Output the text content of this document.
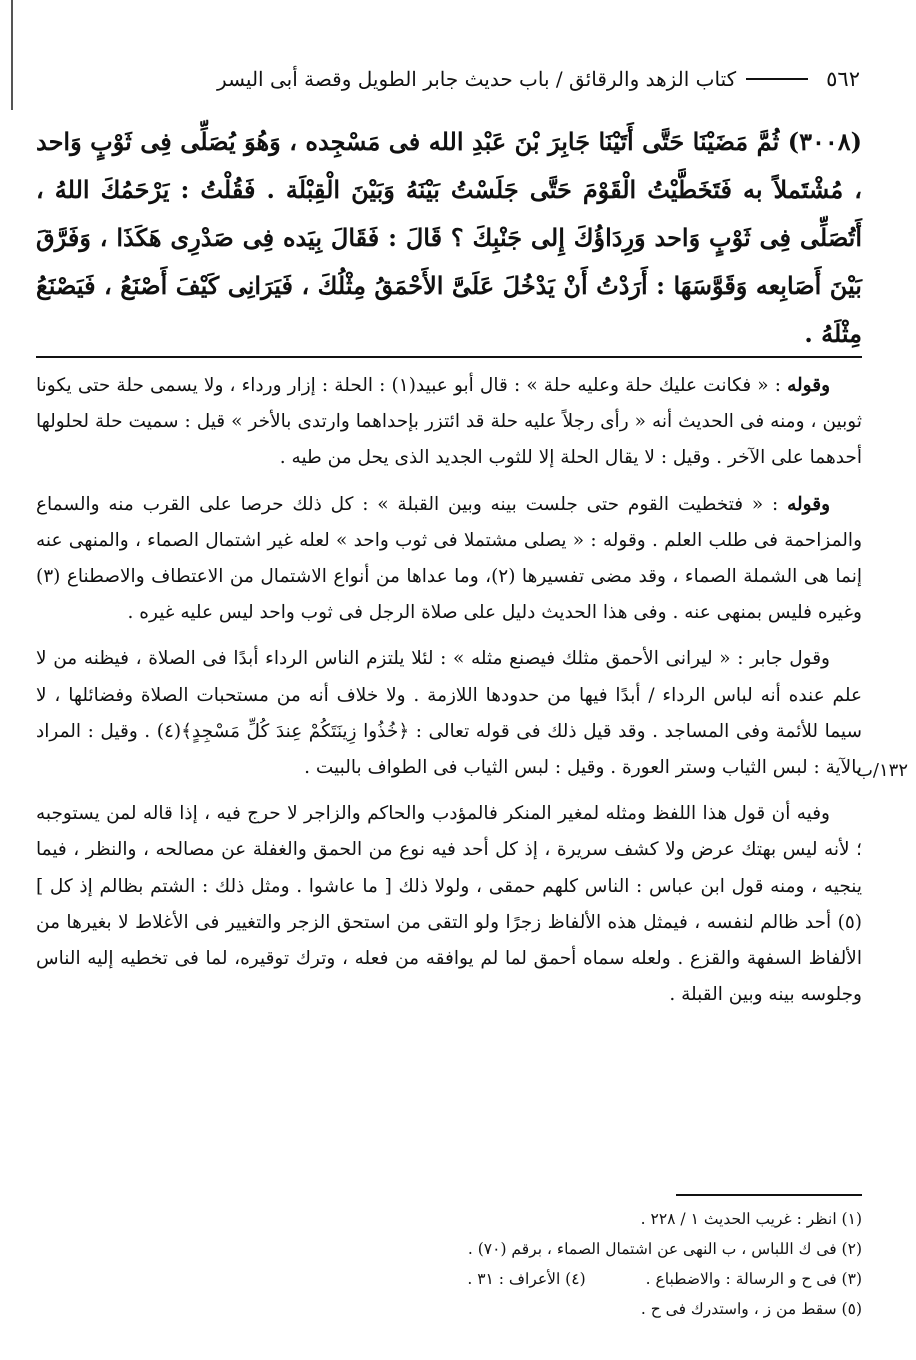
٥٦٢
كتاب الزهد والرقائق / باب حديث جابر الطويل وقصة أبى اليسر
(٣٠٠٨) ثُمَّ مَضَيْنَا حَتَّى أَتَيْنَا جَابِرَ بْنَ عَبْدِ الله فى مَسْجِده ، وَهُوَ يُصَلِّى فِى ثَوْبٍ وَاحد ، مُشْتَملاً به فَتَخَطَّيْتُ الْقَوْمَ حَتَّى جَلَسْتُ بَيْنَهُ وَبَيْنَ الْقِبْلَة . فَقُلْتُ : يَرْحَمُكَ اللهُ ، أَتُصَلِّى فِى ثَوْبٍ وَاحد وَرِدَاؤُكَ إِلى جَنْبِكَ ؟ قَالَ : فَقَالَ بِيَده فِى صَدْرِى هَكَذَا ، وَفَرَّقَ بَيْنَ أَصَابِعه وَقَوَّسَهَا : أَرَدْتُ أَنْ يَدْخُلَ عَلَىَّ الأَحْمَقُ مِثْلُكَ ، فَيَرَانِى كَيْفَ أَصْنَعُ ، فَيَصْنَعُ مِثْلَهُ .

وقوله : « فكانت عليك حلة وعليه حلة » : قال أبو عبيد(١) : الحلة : إزار ورداء ، ولا يسمى حلة حتى يكونا ثوبين ، ومنه فى الحديث أنه « رأى رجلاً عليه حلة قد ائتزر بإحداهما وارتدى بالأخر » قيل : سميت حلة لحلولها أحدهما على الآخر . وقيل : لا يقال الحلة إلا للثوب الجديد الذى يحل من طيه .

وقوله : « فتخطيت القوم حتى جلست بينه وبين القبلة » : كل ذلك حرصا على القرب منه والسماع والمزاحمة فى طلب العلم . وقوله : « يصلى مشتملا فى ثوب واحد » لعله غير اشتمال الصماء ، والمنهى عنه إنما هى الشملة الصماء ، وقد مضى تفسيرها (٢)، وما عداها من أنواع الاشتمال من الاعتطاف والاصطناع (٣) وغيره فليس بمنهى عنه . وفى هذا الحديث دليل على صلاة الرجل فى ثوب واحد ليس عليه غيره .

وقول جابر : « ليرانى الأحمق مثلك فيصنع مثله » : لئلا يلتزم الناس الرداء أبدًا فى الصلاة ، فيظنه من لا علم عنده أنه لباس الرداء / أبدًا فيها من حدودها اللازمة . ولا خلاف أنه من مستحبات الصلاة وفضائلها ، لا سيما للأئمة وفى المساجد . وقد قيل ذلك فى قوله تعالى : ﴿خُذُوا زِينَتَكُمْ عِندَ كُلِّ مَسْجِدٍ﴾(٤) . وقيل : المراد بالآية : لبس الثياب وستر العورة . وقيل : لبس الثياب فى الطواف بالبيت .

وفيه أن قول هذا اللفظ ومثله لمغير المنكر فالمؤدب والحاكم والزاجر لا حرج فيه ، إذا قاله لمن يستوجبه ؛ لأنه ليس بهتك عرض ولا كشف سريرة ، إذ كل أحد فيه نوع من الحمق والغفلة عن مصالحه ، والنظر ، فيما ينجيه ، ومنه قول ابن عباس : الناس كلهم حمقى ، ولولا ذلك [ ما عاشوا . ومثل ذلك : الشتم بظالم إذ كل ](٥) أحد ظالم لنفسه ، فيمثل هذه الألفاظ زجرًا ولو التقى من استحق الزجر والتغيير فى الأغلاط لا بغيرها من الألفاظ السفهة والقزع . ولعله سماه أحمق لما لم يوافقه من فعله ، وترك توقيره، لما فى تخطيه إليه الناس وجلوسه بينه وبين القبلة .

١٣٢/ب
(١) انظر : غريب الحديث ١ / ٢٢٨ .
(٢) فى ك اللباس ، ب النهى عن اشتمال الصماء ، برقم (٧٠) .
(٣) فى ح و الرسالة : والاضطباع .
(٤) الأعراف : ٣١ .
(٥) سقط من ز ، واستدرك فى ح .
